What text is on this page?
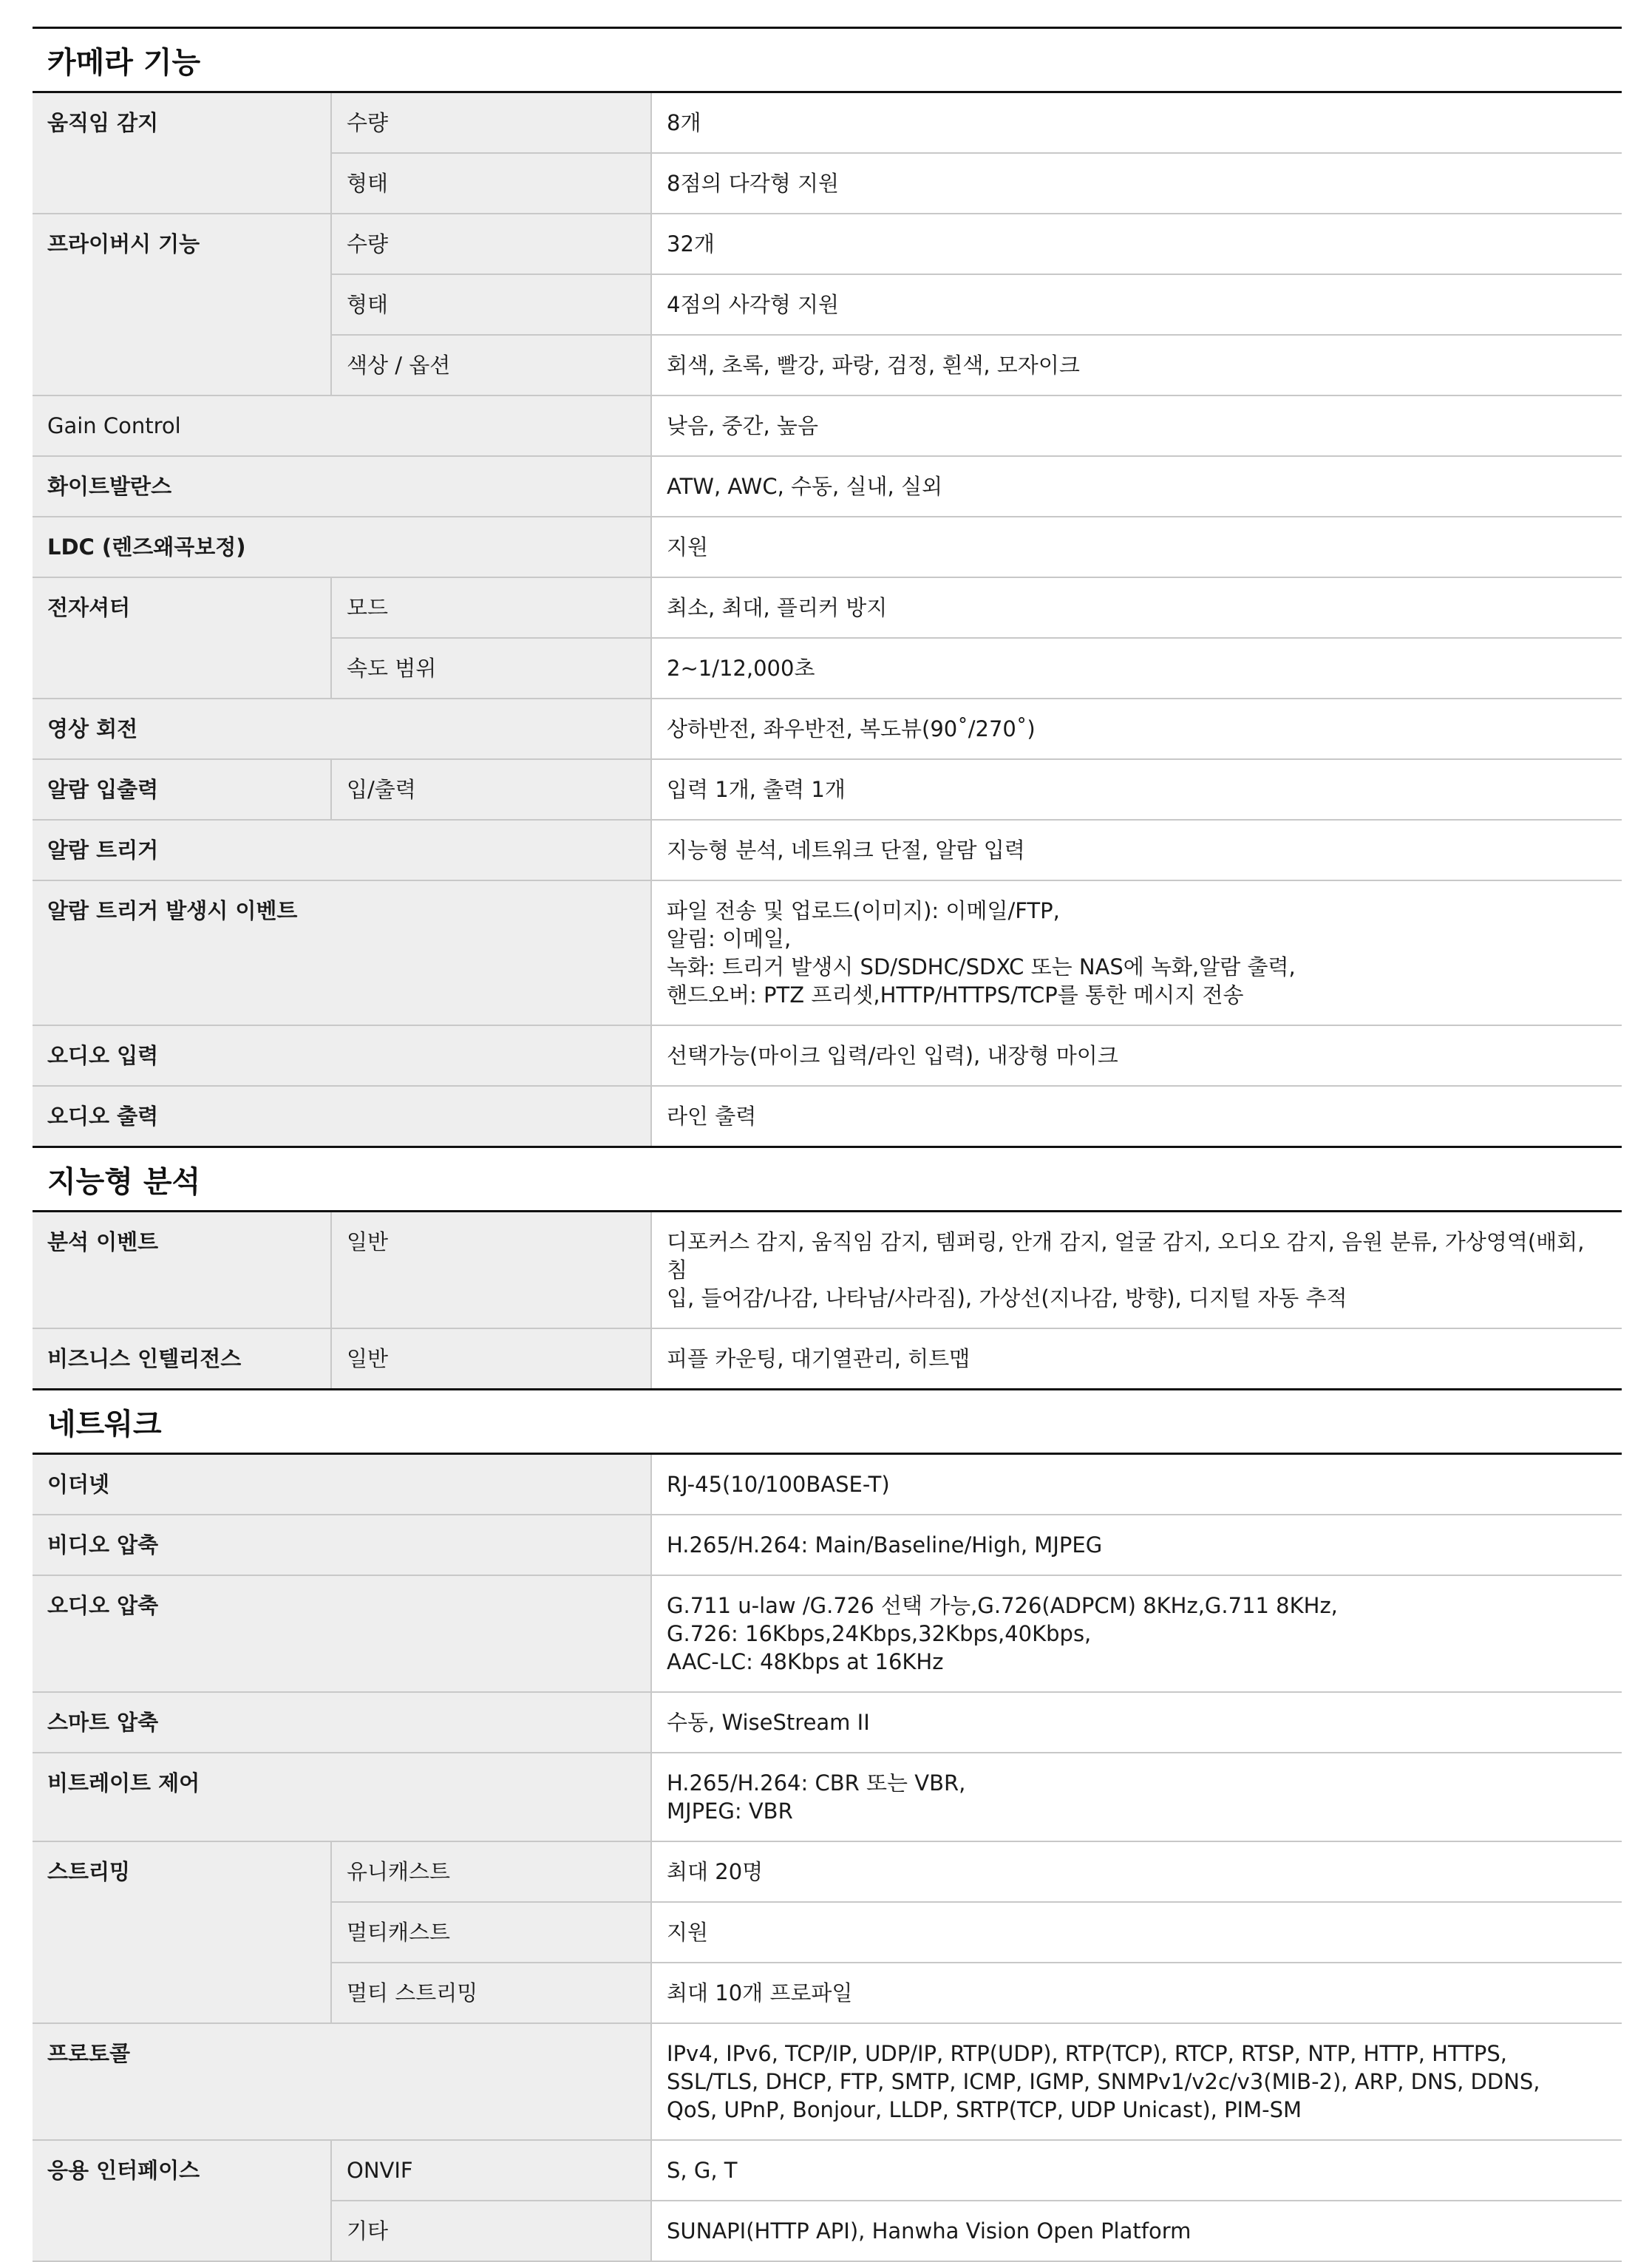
카메라 기능
움직임 감지	수량	8개
형태	8점의 다각형 지원
프라이버시 기능	수량	32개
형태	4점의 사각형 지원
색상 / 옵션	회색, 초록, 빨강, 파랑, 검정, 흰색, 모자이크
Gain Control	낮음, 중간, 높음
화이트발란스	ATW, AWC, 수동, 실내, 실외
LDC (렌즈왜곡보정)	지원
전자셔터	모드	최소, 최대, 플리커 방지
속도 범위	2~1/12,000초
영상 회전	상하반전, 좌우반전, 복도뷰(90˚/270˚)
알람 입출력	입/출력	입력 1개, 출력 1개
알람 트리거	지능형 분석, 네트워크 단절, 알람 입력
알람 트리거 발생시 이벤트	파일 전송 및 업로드(이미지): 이메일/FTP,
알림: 이메일,
녹화: 트리거 발생시 SD/SDHC/SDXC 또는 NAS에 녹화,알람 출력,
핸드오버: PTZ 프리셋,HTTP/HTTPS/TCP를 통한 메시지 전송
오디오 입력	선택가능(마이크 입력/라인 입력), 내장형 마이크
오디오 출력	라인 출력
지능형 분석
분석 이벤트	일반	디포커스 감지, 움직임 감지, 템퍼링, 안개 감지, 얼굴 감지, 오디오 감지, 음원 분류, 가상영역(배회, 침
입, 들어감/나감, 나타남/사라짐), 가상선(지나감, 방향), 디지털 자동 추적
비즈니스 인텔리전스	일반	피플 카운팅, 대기열관리, 히트맵
네트워크
이더넷	RJ-45(10/100BASE-T)
비디오 압축	H.265/H.264: Main/Baseline/High, MJPEG
오디오 압축	G.711 u-law /G.726 선택 가능,G.726(ADPCM) 8KHz,G.711 8KHz,
G.726: 16Kbps,24Kbps,32Kbps,40Kbps,
AAC-LC: 48Kbps at 16KHz
스마트 압축	수동, WiseStream II
비트레이트 제어	H.265/H.264: CBR 또는 VBR,
MJPEG: VBR
스트리밍	유니캐스트	최대 20명
멀티캐스트	지원
멀티 스트리밍	최대 10개 프로파일
프로토콜	IPv4, IPv6, TCP/IP, UDP/IP, RTP(UDP), RTP(TCP), RTCP, RTSP, NTP, HTTP, HTTPS,
SSL/TLS, DHCP, FTP, SMTP, ICMP, IGMP, SNMPv1/v2c/v3(MIB-2), ARP, DNS, DDNS,
QoS, UPnP, Bonjour, LLDP, SRTP(TCP, UDP Unicast), PIM-SM
응용 인터페이스	ONVIF	S, G, T
기타	SUNAPI(HTTP API), Hanwha Vision Open Platform
